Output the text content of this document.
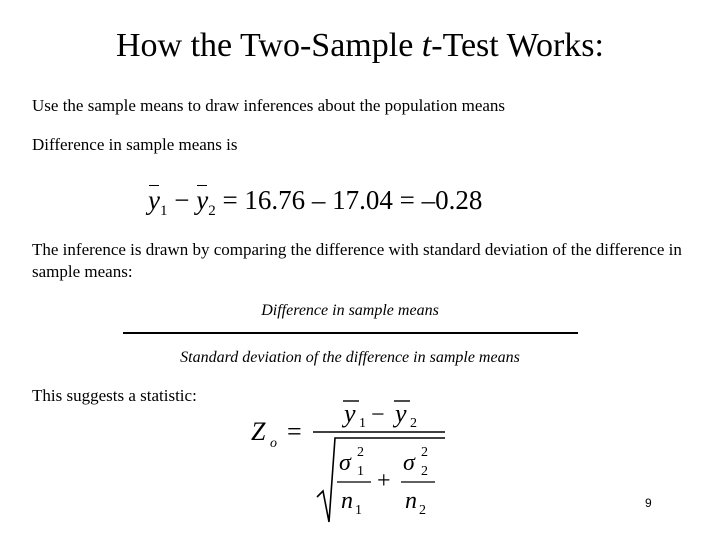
How the Two-Sample t-Test Works:
Use the sample means to draw inferences about the population means
Difference in sample means is
$y_1 - y_2 = 16.76 - 17.04 = -0.28$
The inference is drawn by comparing the difference with standard deviation of the difference in sample means:
Difference in sample means
Standard deviation of the difference in sample means
This suggests a statistic:
Z o =
y 1 − y 2
σ 2
1
n 1
+
σ 2
2
n 2	9
